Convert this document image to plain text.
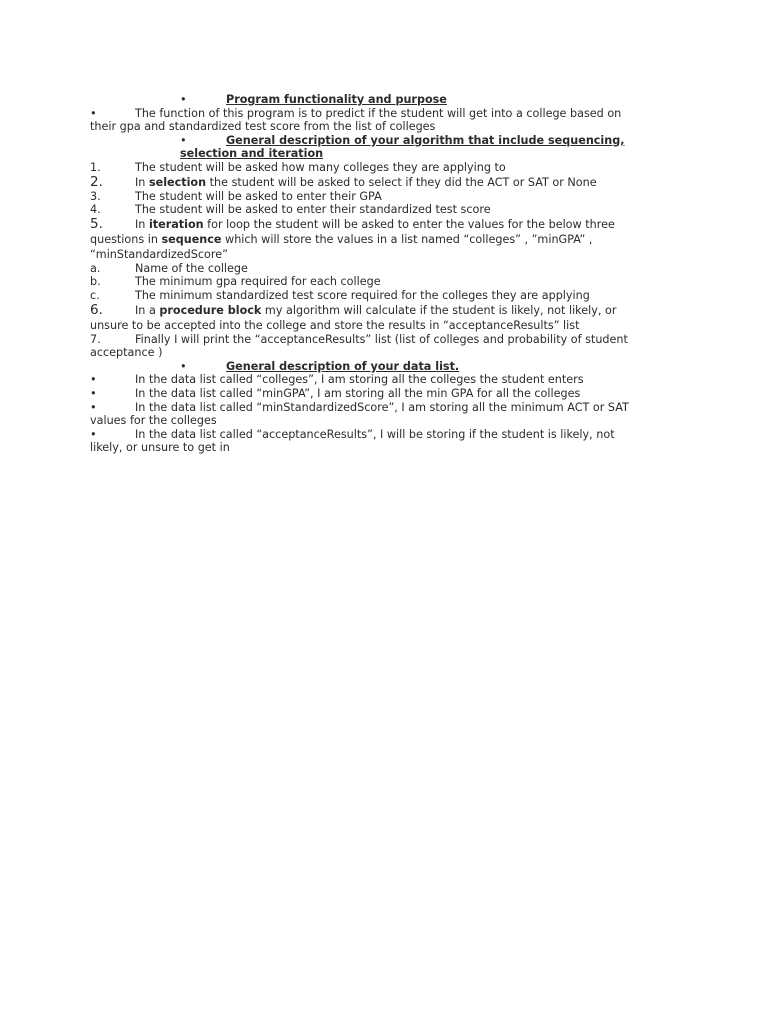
•	Program functionality and purpose

•	The function of this program is to predict if the student will get into a college based on their gpa and standardized test score from the list of colleges

•	General description of your algorithm that include sequencing, selection and iteration

1.	The student will be asked how many colleges they are applying to

2.	In selection the student will be asked to select if they did the ACT or SAT or None

3.	The student will be asked to enter their GPA

4.	The student will be asked to enter their standardized test score

5.	In iteration for loop the student will be asked to enter the values for the below three questions in sequence which will store the values in a list named “colleges” , ”minGPA” , “minStandardizedScore”

a.	Name of the college

b.	The minimum gpa required for each college

c.	The minimum standardized test score required for the colleges they are applying

6.	In a procedure block my algorithm will calculate if the student is likely, not likely, or unsure to be accepted into the college and store the results in “acceptanceResults” list

7.	Finally I will print the “acceptanceResults” list (list of colleges and probability of student acceptance )

•	General description of your data list.

•	In the data list called “colleges”, I am storing all the colleges the student enters

•	In the data list called “minGPA”, I am storing all the min GPA for all the colleges

•	In the data list called “minStandardizedScore”, I am storing all the minimum ACT or SAT values for the colleges

•	In the data list called “acceptanceResults”, I will be storing if the student is likely, not likely, or unsure to get in
